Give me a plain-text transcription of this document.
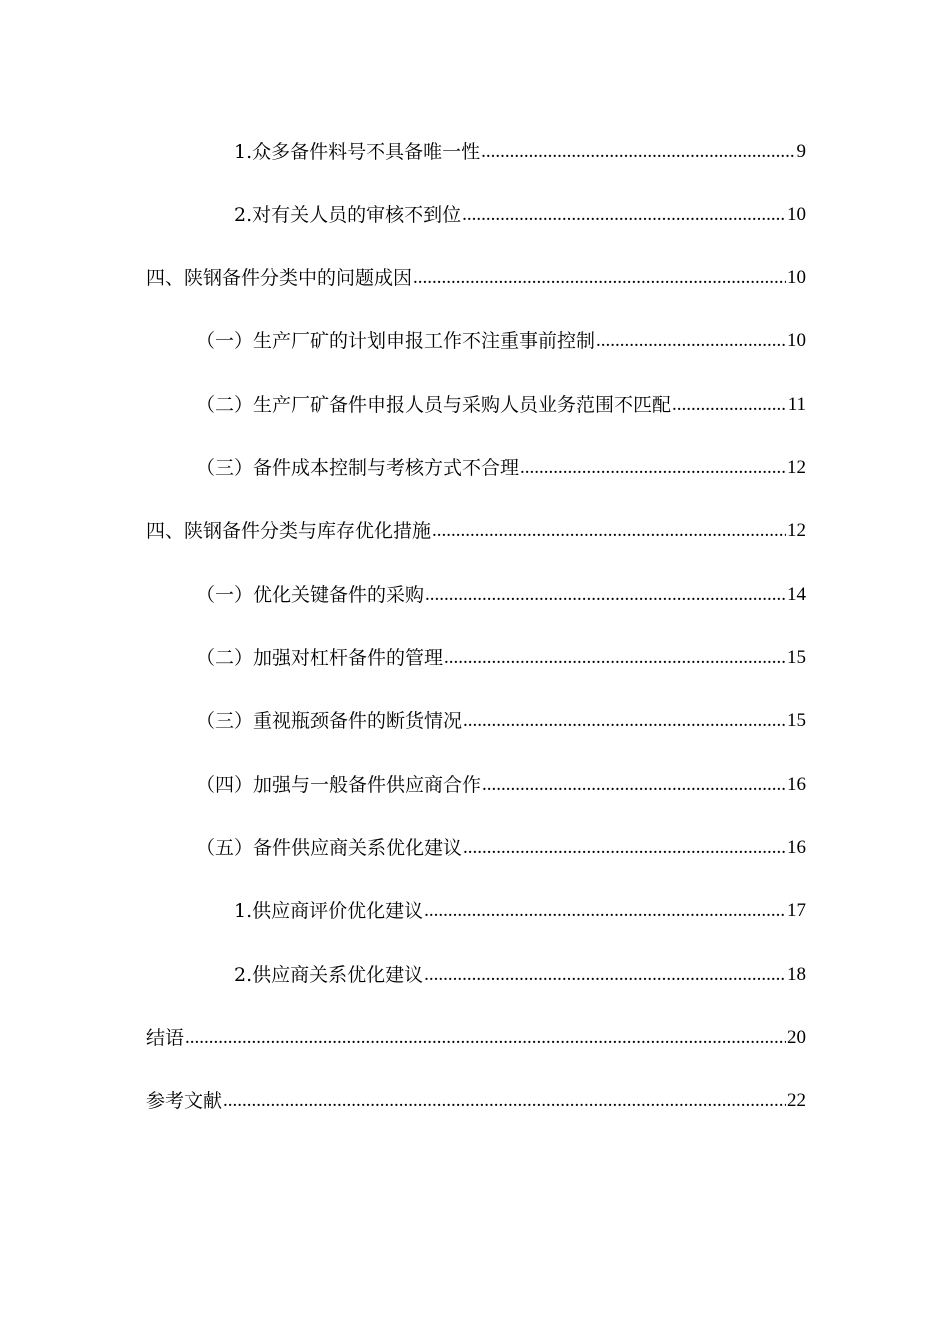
1.众多备件料号不具备唯一性 .....	9
2.对有关人员的审核不到位 .....	10
四、陕钢备件分类中的问题成因 .....	10
（一）生产厂矿的计划申报工作不注重事前控制 .....	10
（二）生产厂矿备件申报人员与采购人员业务范围不匹配 .....	11
（三）备件成本控制与考核方式不合理 .....	12
四、陕钢备件分类与库存优化措施 .....	12
（一）优化关键备件的采购 .....	14
（二）加强对杠杆备件的管理 .....	15
（三）重视瓶颈备件的断货情况 .....	15
（四）加强与一般备件供应商合作 .....	16
（五）备件供应商关系优化建议 .....	16
1.供应商评价优化建议 .....	17
2.供应商关系优化建议 .....	18
结语 .....	20
参考文献 .....	22
